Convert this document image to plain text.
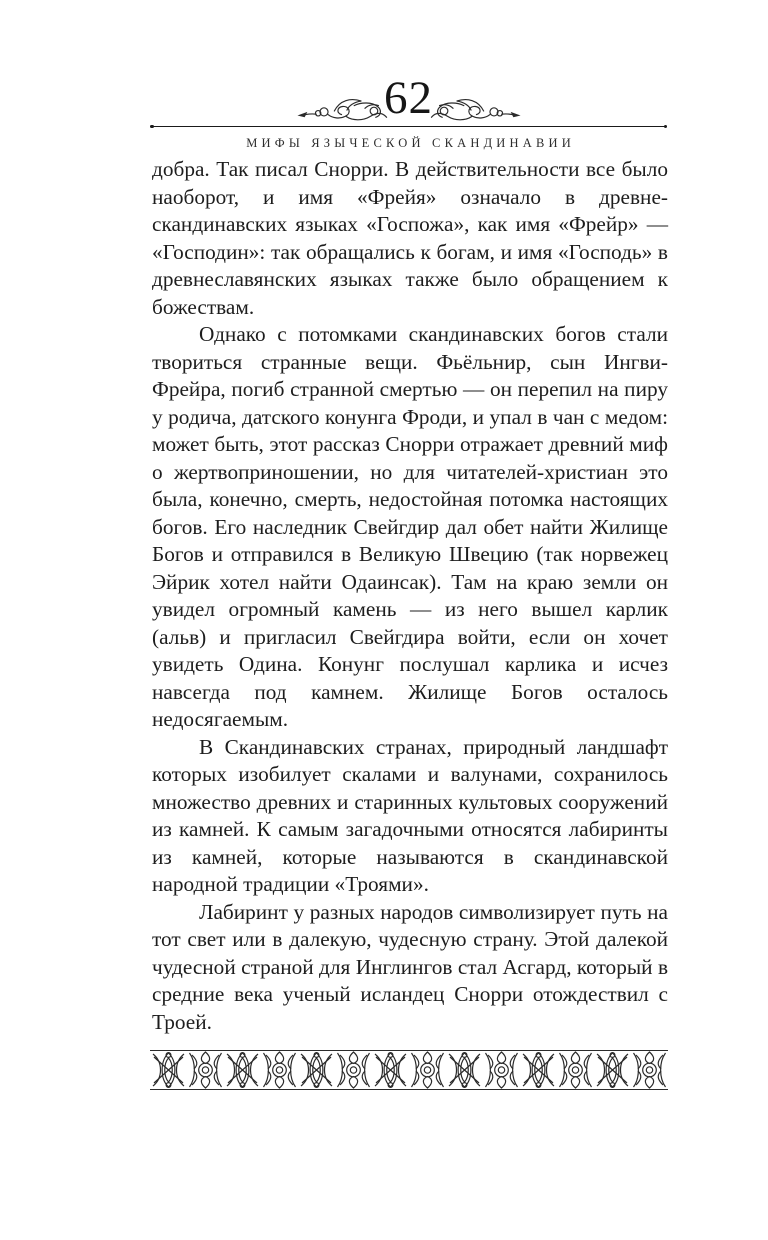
62
МИФЫ ЯЗЫЧЕСКОЙ СКАНДИНАВИИ

добра. Так писал Снорри. В действительности все было наоборот, и имя «Фрейя» означало в древнескандинавских языках «Госпожа», как имя «Фрейр» — «Господин»: так обращались к богам, и имя «Господь» в древнеславянских языках также было обращением к божествам.

Однако с потомками скандинавских богов стали твориться странные вещи. Фьёльнир, сын Ингви-Фрейра, погиб странной смертью — он перепил на пиру у родича, датского конунга Фроди, и упал в чан с медом: может быть, этот рассказ Снорри отражает древний миф о жертвоприношении, но для читателей-христиан это была, конечно, смерть, недостойная потомка настоящих богов. Его наследник Свейгдир дал обет найти Жилище Богов и отправился в Великую Швецию (так норвежец Эйрик хотел найти Одаинсак). Там на краю земли он увидел огромный камень — из него вышел карлик (альв) и пригласил Свейгдира войти, если он хочет увидеть Одина. Конунг послушал карлика и исчез навсегда под камнем. Жилище Богов осталось недосягаемым.

В Скандинавских странах, природный ландшафт которых изобилует скалами и валунами, сохранилось множество древних и старинных культовых сооружений из камней. К самым загадочными относятся лабиринты из камней, которые называются в скандинавской народной традиции «Троями».

Лабиринт у разных народов символизирует путь на тот свет или в далекую, чудесную страну. Этой далекой чудесной страной для Инглингов стал Асгард, который в средние века ученый исландец Снорри отождествил с Троей.
